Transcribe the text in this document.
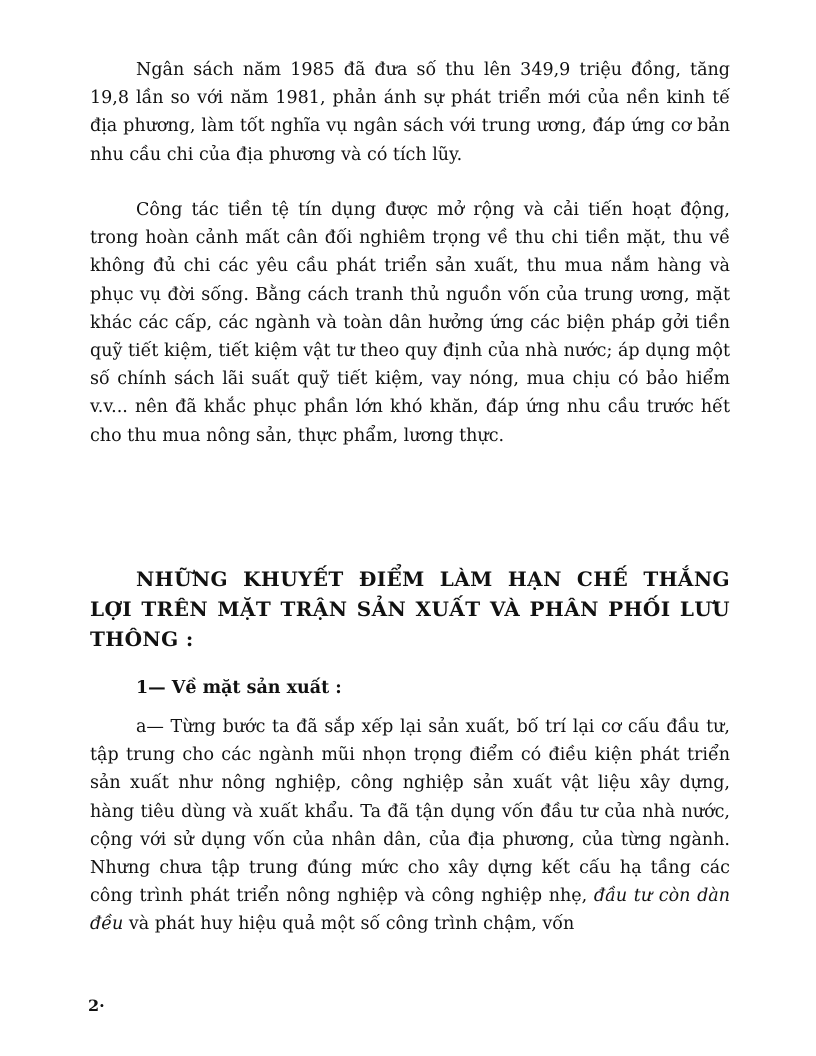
Ngân sách năm 1985 đã đưa số thu lên 349,9 triệu đồng, tăng 19,8 lần so với năm 1981, phản ánh sự phát triển mới của nền kinh tế địa phương, làm tốt nghĩa vụ ngân sách với trung ương, đáp ứng cơ bản nhu cầu chi của địa phương và có tích lũy.

Công tác tiền tệ tín dụng được mở rộng và cải tiến hoạt động, trong hoàn cảnh mất cân đối nghiêm trọng về thu chi tiền mặt, thu về không đủ chi các yêu cầu phát triển sản xuất, thu mua nắm hàng và phục vụ đời sống. Bằng cách tranh thủ nguồn vốn của trung ương, mặt khác các cấp, các ngành và toàn dân hưởng ứng các biện pháp gởi tiền quỹ tiết kiệm, tiết kiệm vật tư theo quy định của nhà nước; áp dụng một số chính sách lãi suất quỹ tiết kiệm, vay nóng, mua chịu có bảo hiểm v.v... nên đã khắc phục phần lớn khó khăn, đáp ứng nhu cầu trước hết cho thu mua nông sản, thực phẩm, lương thực.

NHỮNG KHUYẾT ĐIỂM LÀM HẠN CHẾ THẮNG LỢI TRÊN MẶT TRẬN SẢN XUẤT VÀ PHÂN PHỐI LƯU THÔNG :
1— Về mặt sản xuất :

a— Từng bước ta đã sắp xếp lại sản xuất, bố trí lại cơ cấu đầu tư, tập trung cho các ngành mũi nhọn trọng điểm có điều kiện phát triển sản xuất như nông nghiệp, công nghiệp sản xuất vật liệu xây dựng, hàng tiêu dùng và xuất khẩu. Ta đã tận dụng vốn đầu tư của nhà nước, cộng với sử dụng vốn của nhân dân, của địa phương, của từng ngành. Nhưng chưa tập trung đúng mức cho xây dựng kết cấu hạ tầng các công trình phát triển nông nghiệp và công nghiệp nhẹ, đầu tư còn dàn đều và phát huy hiệu quả một số công trình chậm, vốn

2·
